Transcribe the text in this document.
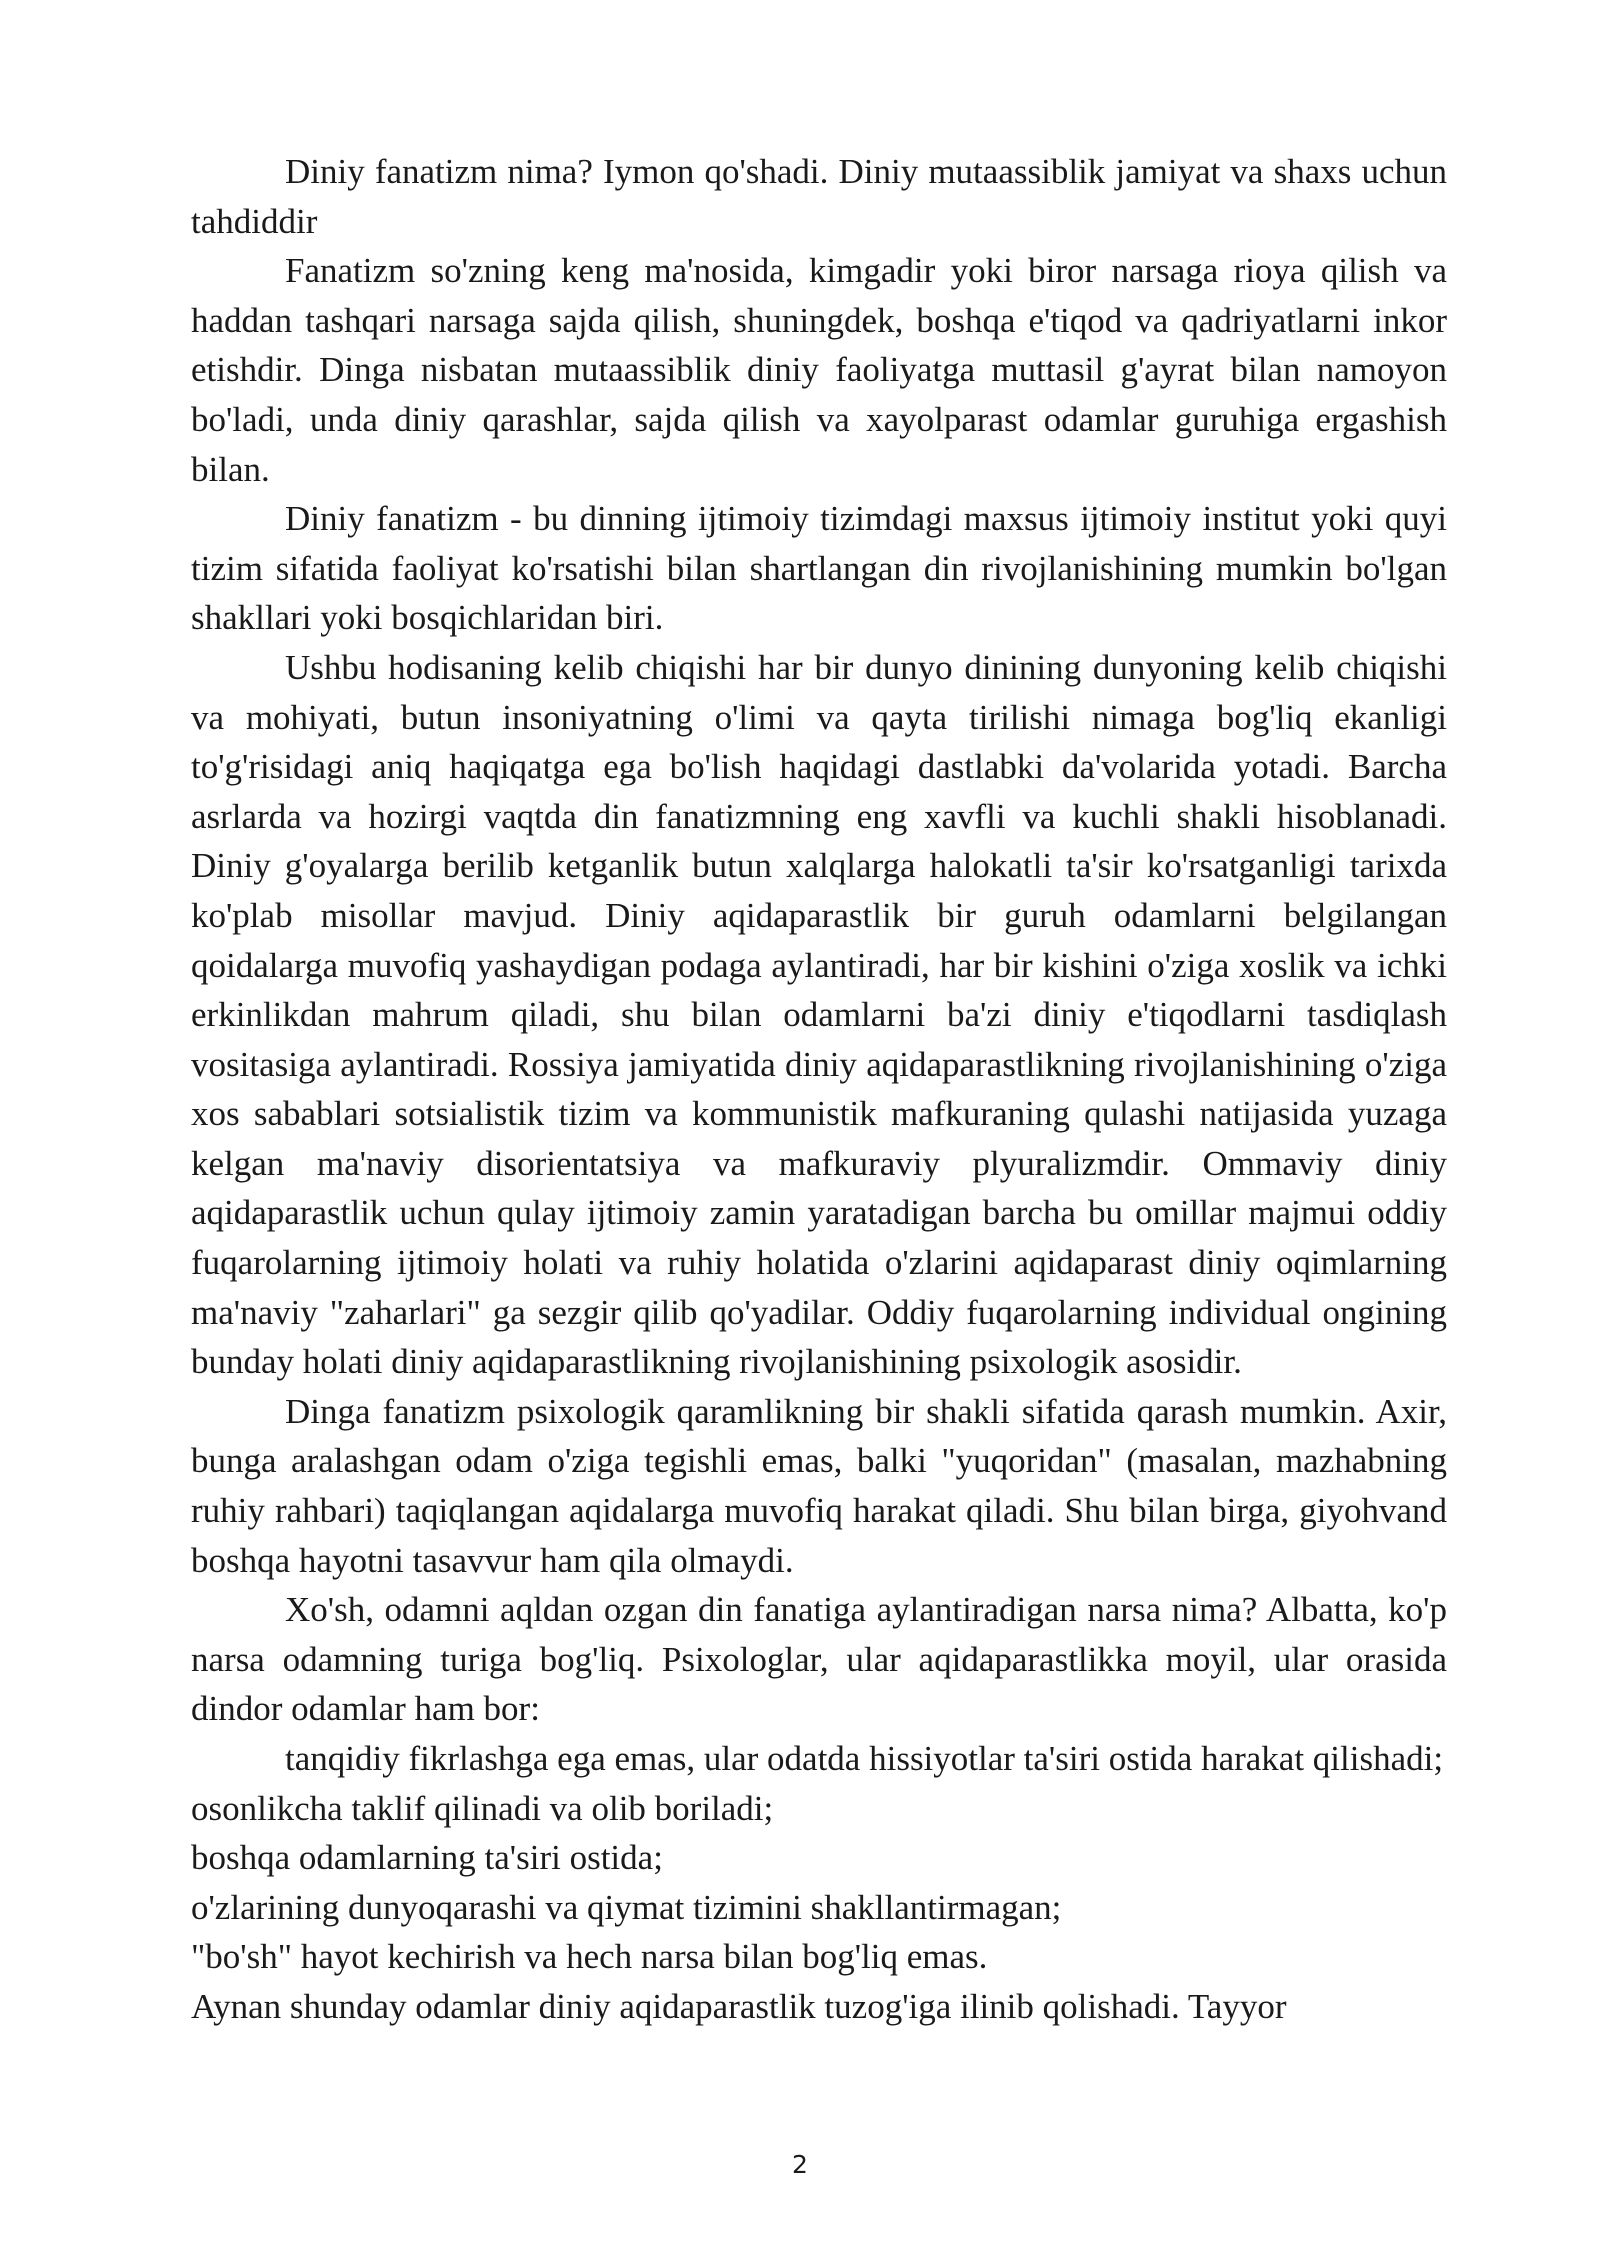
Diniy fanatizm nima? Iymon qo'shadi. Diniy mutaassiblik jamiyat va shaxs uchun tahdiddir

Fanatizm so'zning keng ma'nosida, kimgadir yoki biror narsaga rioya qilish va haddan tashqari narsaga sajda qilish, shuningdek, boshqa e'tiqod va qadriyatlarni inkor etishdir. Dinga nisbatan mutaassiblik diniy faoliyatga muttasil g'ayrat bilan namoyon bo'ladi, unda diniy qarashlar, sajda qilish va xayolparast odamlar guruhiga ergashish bilan.

Diniy fanatizm - bu dinning ijtimoiy tizimdagi maxsus ijtimoiy institut yoki quyi tizim sifatida faoliyat ko'rsatishi bilan shartlangan din rivojlanishining mumkin bo'lgan shakllari yoki bosqichlaridan biri.

Ushbu hodisaning kelib chiqishi har bir dunyo dinining dunyoning kelib chiqishi va mohiyati, butun insoniyatning o'limi va qayta tirilishi nimaga bog'liq ekanligi to'g'risidagi aniq haqiqatga ega bo'lish haqidagi dastlabki da'volarida yotadi. Barcha asrlarda va hozirgi vaqtda din fanatizmning eng xavfli va kuchli shakli hisoblanadi. Diniy g'oyalarga berilib ketganlik butun xalqlarga halokatli ta'sir ko'rsatganligi tarixda ko'plab misollar mavjud. Diniy aqidaparastlik bir guruh odamlarni belgilangan qoidalarga muvofiq yashaydigan podaga aylantiradi, har bir kishini o'ziga xoslik va ichki erkinlikdan mahrum qiladi, shu bilan odamlarni ba'zi diniy e'tiqodlarni tasdiqlash vositasiga aylantiradi. Rossiya jamiyatida diniy aqidaparastlikning rivojlanishining o'ziga xos sabablari sotsialistik tizim va kommunistik mafkuraning qulashi natijasida yuzaga kelgan ma'naviy disorientatsiya va mafkuraviy plyuralizmdir. Ommaviy diniy aqidaparastlik uchun qulay ijtimoiy zamin yaratadigan barcha bu omillar majmui oddiy fuqarolarning ijtimoiy holati va ruhiy holatida o'zlarini aqidaparast diniy oqimlarning ma'naviy "zaharlari" ga sezgir qilib qo'yadilar. Oddiy fuqarolarning individual ongining bunday holati diniy aqidaparastlikning rivojlanishining psixologik asosidir.

Dinga fanatizm psixologik qaramlikning bir shakli sifatida qarash mumkin. Axir, bunga aralashgan odam o'ziga tegishli emas, balki "yuqoridan" (masalan, mazhabning ruhiy rahbari) taqiqlangan aqidalarga muvofiq harakat qiladi. Shu bilan birga, giyohvand boshqa hayotni tasavvur ham qila olmaydi.

Xo'sh, odamni aqldan ozgan din fanatiga aylantiradigan narsa nima? Albatta, ko'p narsa odamning turiga bog'liq. Psixologlar, ular aqidaparastlikka moyil, ular orasida dindor odamlar ham bor:

tanqidiy fikrlashga ega emas, ular odatda hissiyotlar ta'siri ostida harakat qilishadi;

osonlikcha taklif qilinadi va olib boriladi;

boshqa odamlarning ta'siri ostida;

o'zlarining dunyoqarashi va qiymat tizimini shakllantirmagan;

"bo'sh" hayot kechirish va hech narsa bilan bog'liq emas.

Aynan shunday odamlar diniy aqidaparastlik tuzog'iga ilinib qolishadi. Tayyor

2
